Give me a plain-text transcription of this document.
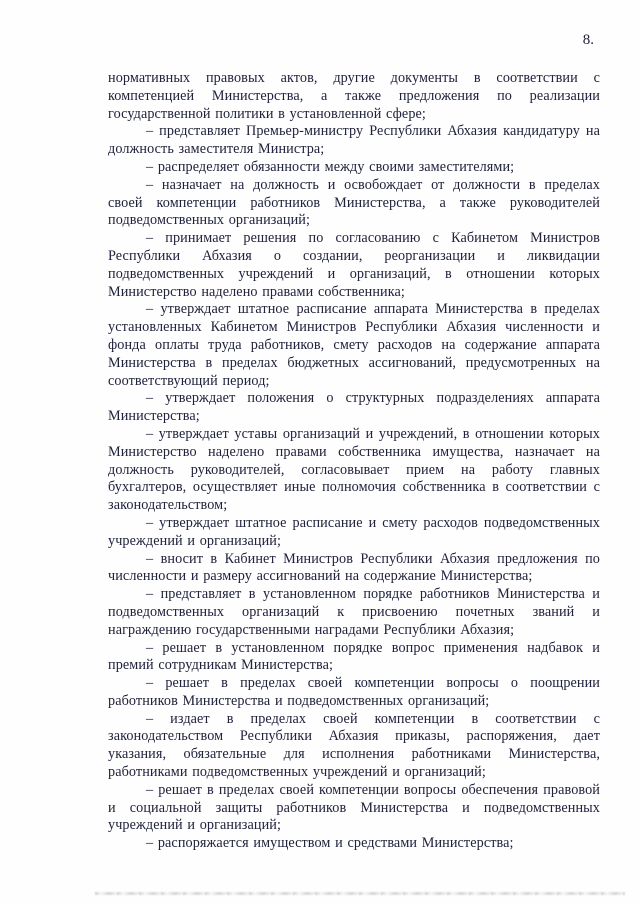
8.

нормативных правовых актов, другие документы в соответствии с компетенцией Министерства, а также предложения по реализации государственной политики в установленной сфере;

– представляет Премьер-министру Республики Абхазия кандидатуру на должность заместителя Министра;

– распределяет обязанности между своими заместителями;

– назначает на должность и освобождает от должности в пределах своей компетенции работников Министерства, а также руководителей подведомственных организаций;

– принимает решения по согласованию с Кабинетом Министров Республики Абхазия о создании, реорганизации и ликвидации подведомственных учреждений и организаций, в отношении которых Министерство наделено правами собственника;

– утверждает штатное расписание аппарата Министерства в пределах установленных Кабинетом Министров Республики Абхазия численности и фонда оплаты труда работников, смету расходов на содержание аппарата Министерства в пределах бюджетных ассигнований, предусмотренных на соответствующий период;

– утверждает положения о структурных подразделениях аппарата Министерства;

– утверждает уставы организаций и учреждений, в отношении которых Министерство наделено правами собственника имущества, назначает на должность руководителей, согласовывает прием на работу главных бухгалтеров, осуществляет иные полномочия собственника в соответствии с законодательством;

– утверждает штатное расписание и смету расходов подведомственных учреждений и организаций;

– вносит в Кабинет Министров Республики Абхазия предложения по численности и размеру ассигнований на содержание Министерства;

– представляет в установленном порядке работников Министерства и подведомственных организаций к присвоению почетных званий и награждению государственными наградами Республики Абхазия;

– решает в установленном порядке вопрос применения надбавок и премий сотрудникам Министерства;

– решает в пределах своей компетенции вопросы о поощрении работников Министерства и подведомственных организаций;

– издает в пределах своей компетенции в соответствии с законодательством Республики Абхазия приказы, распоряжения, дает указания, обязательные для исполнения работниками Министерства, работниками подведомственных учреждений и организаций;

– решает в пределах своей компетенции вопросы обеспечения правовой и социальной защиты работников Министерства и подведомственных учреждений и организаций;

– распоряжается имуществом и средствами Министерства;
